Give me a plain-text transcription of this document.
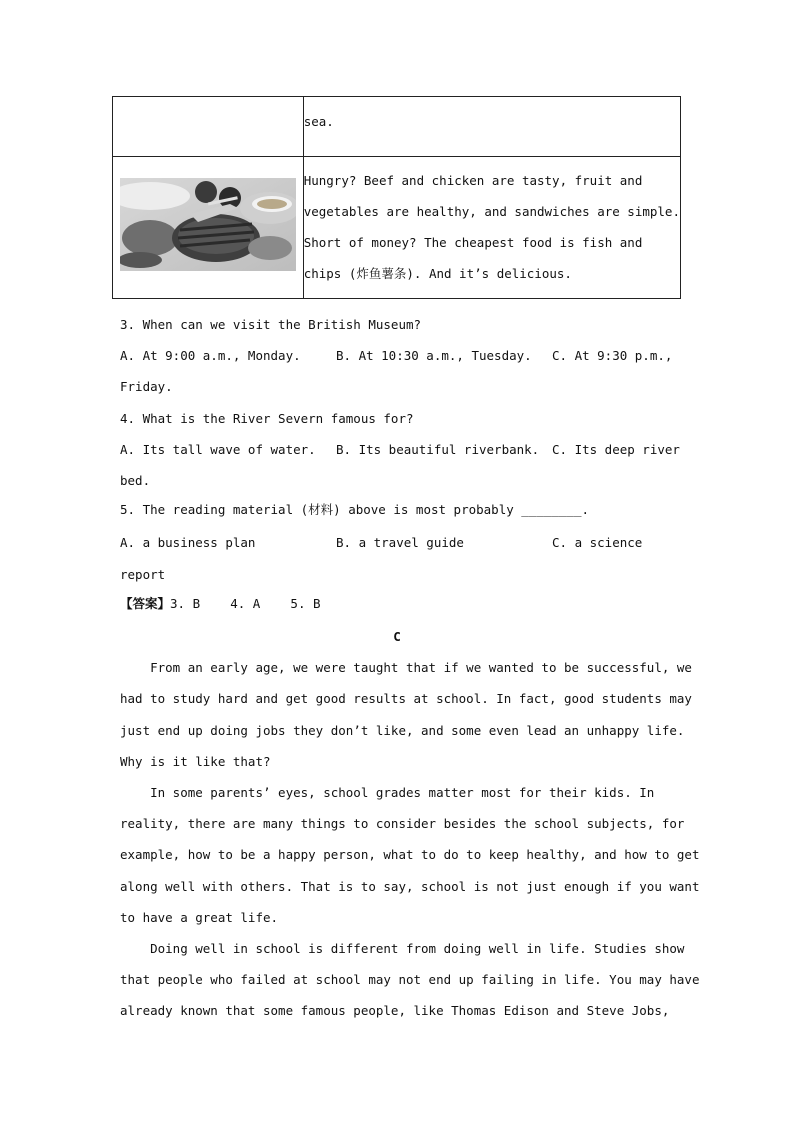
	sea.

Hungry? Beef and chicken are tasty, fruit and
vegetables are healthy, and sandwiches are simple.
Short of money? The cheapest food is fish and
chips (炸鱼薯条). And it’s delicious.
3. When can we visit the British Museum?
A. At 9:00 a.m., Monday.	B. At 10:30 a.m., Tuesday. C. At 9:30 p.m.,
Friday.
4. What is the River Severn famous for?
A. Its tall wave of water. B. Its beautiful riverbank. C. Its deep river
bed.
5. The reading material (材料) above is most probably ________.
A. a business plan	B. a travel guide	C. a science
report
【答案】3. B    4. A    5. B
C
From an early age, we were taught that if we wanted to be successful, we
had to study hard and get good results at school. In fact, good students may
just end up doing jobs they don’t like, and some even lead an unhappy life.
Why is it like that?
In some parents’ eyes, school grades matter most for their kids. In
reality, there are many things to consider besides the school subjects, for
example, how to be a happy person, what to do to keep healthy, and how to get
along well with others. That is to say, school is not just enough if you want
to have a great life.
Doing well in school is different from doing well in life. Studies show
that people who failed at school may not end up failing in life. You may have
already known that some famous people, like Thomas Edison and Steve Jobs,
